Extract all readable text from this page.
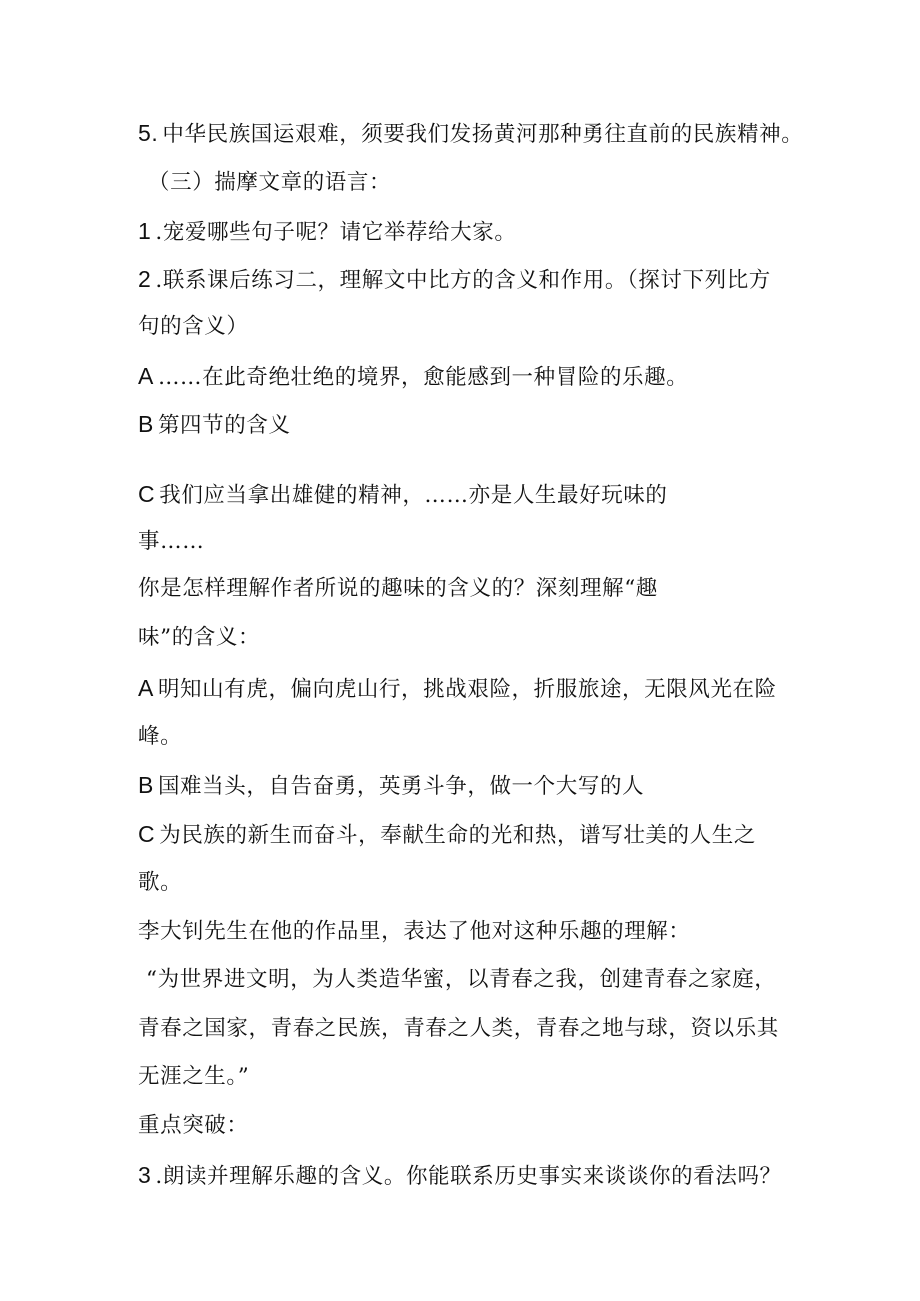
5. 中华民族国运艰难，须要我们发扬黄河那种勇往直前的民族精神。
（三）揣摩文章的语言：
1 .宠爱哪些句子呢？请它举荐给大家。
2 .联系课后练习二，理解文中比方的含义和作用。（探讨下列比方
句的含义）
A ……在此奇绝壮绝的境界，愈能感到一种冒险的乐趣。
B 第四节的含义
C 我们应当拿出雄健的精神，……亦是人生最好玩味的
事……
你是怎样理解作者所说的趣味的含义的？深刻理解“趣
味”的含义：
A 明知山有虎，偏向虎山行，挑战艰险，折服旅途，无限风光在险
峰。
B 国难当头，自告奋勇，英勇斗争，做一个大写的人
C 为民族的新生而奋斗，奉献生命的光和热，谱写壮美的人生之
歌。
李大钊先生在他的作品里，表达了他对这种乐趣的理解：
“为世界进文明，为人类造华蜜，以青春之我，创建青春之家庭，
青春之国家，青春之民族，青春之人类，青春之地与球，资以乐其
无涯之生。”
重点突破：
3 .朗读并理解乐趣的含义。你能联系历史事实来谈谈你的看法吗？
